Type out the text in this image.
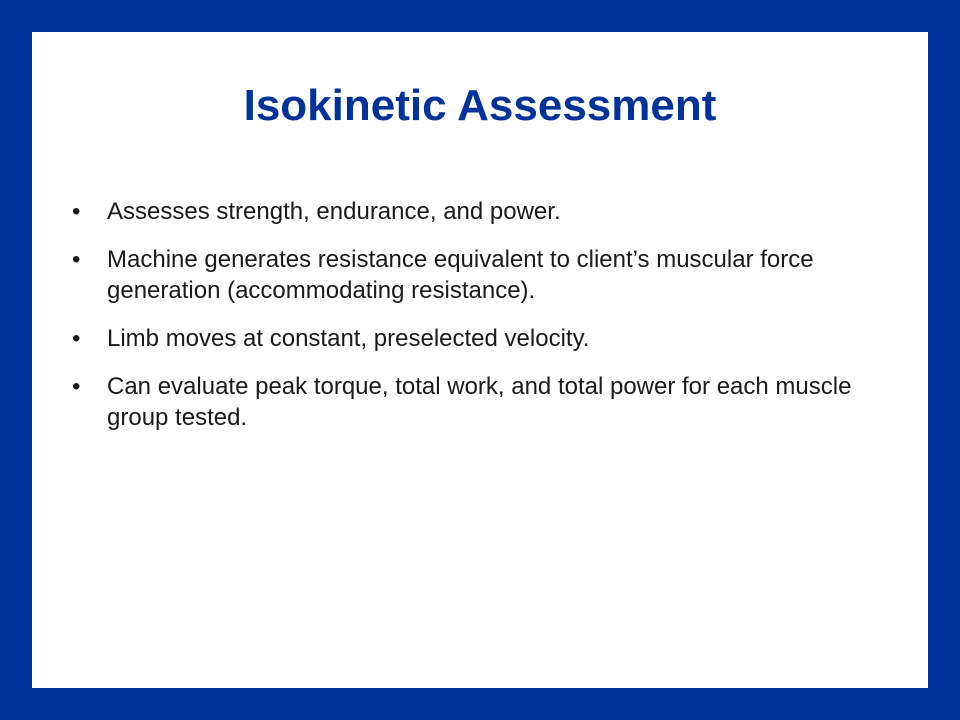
Isokinetic Assessment
•	Assesses strength, endurance, and power.
•	Machine generates resistance equivalent to client’s muscular force generation (accommodating resistance).
•	Limb moves at constant, preselected velocity.
•	Can evaluate peak torque, total work, and total power for each muscle group tested.
